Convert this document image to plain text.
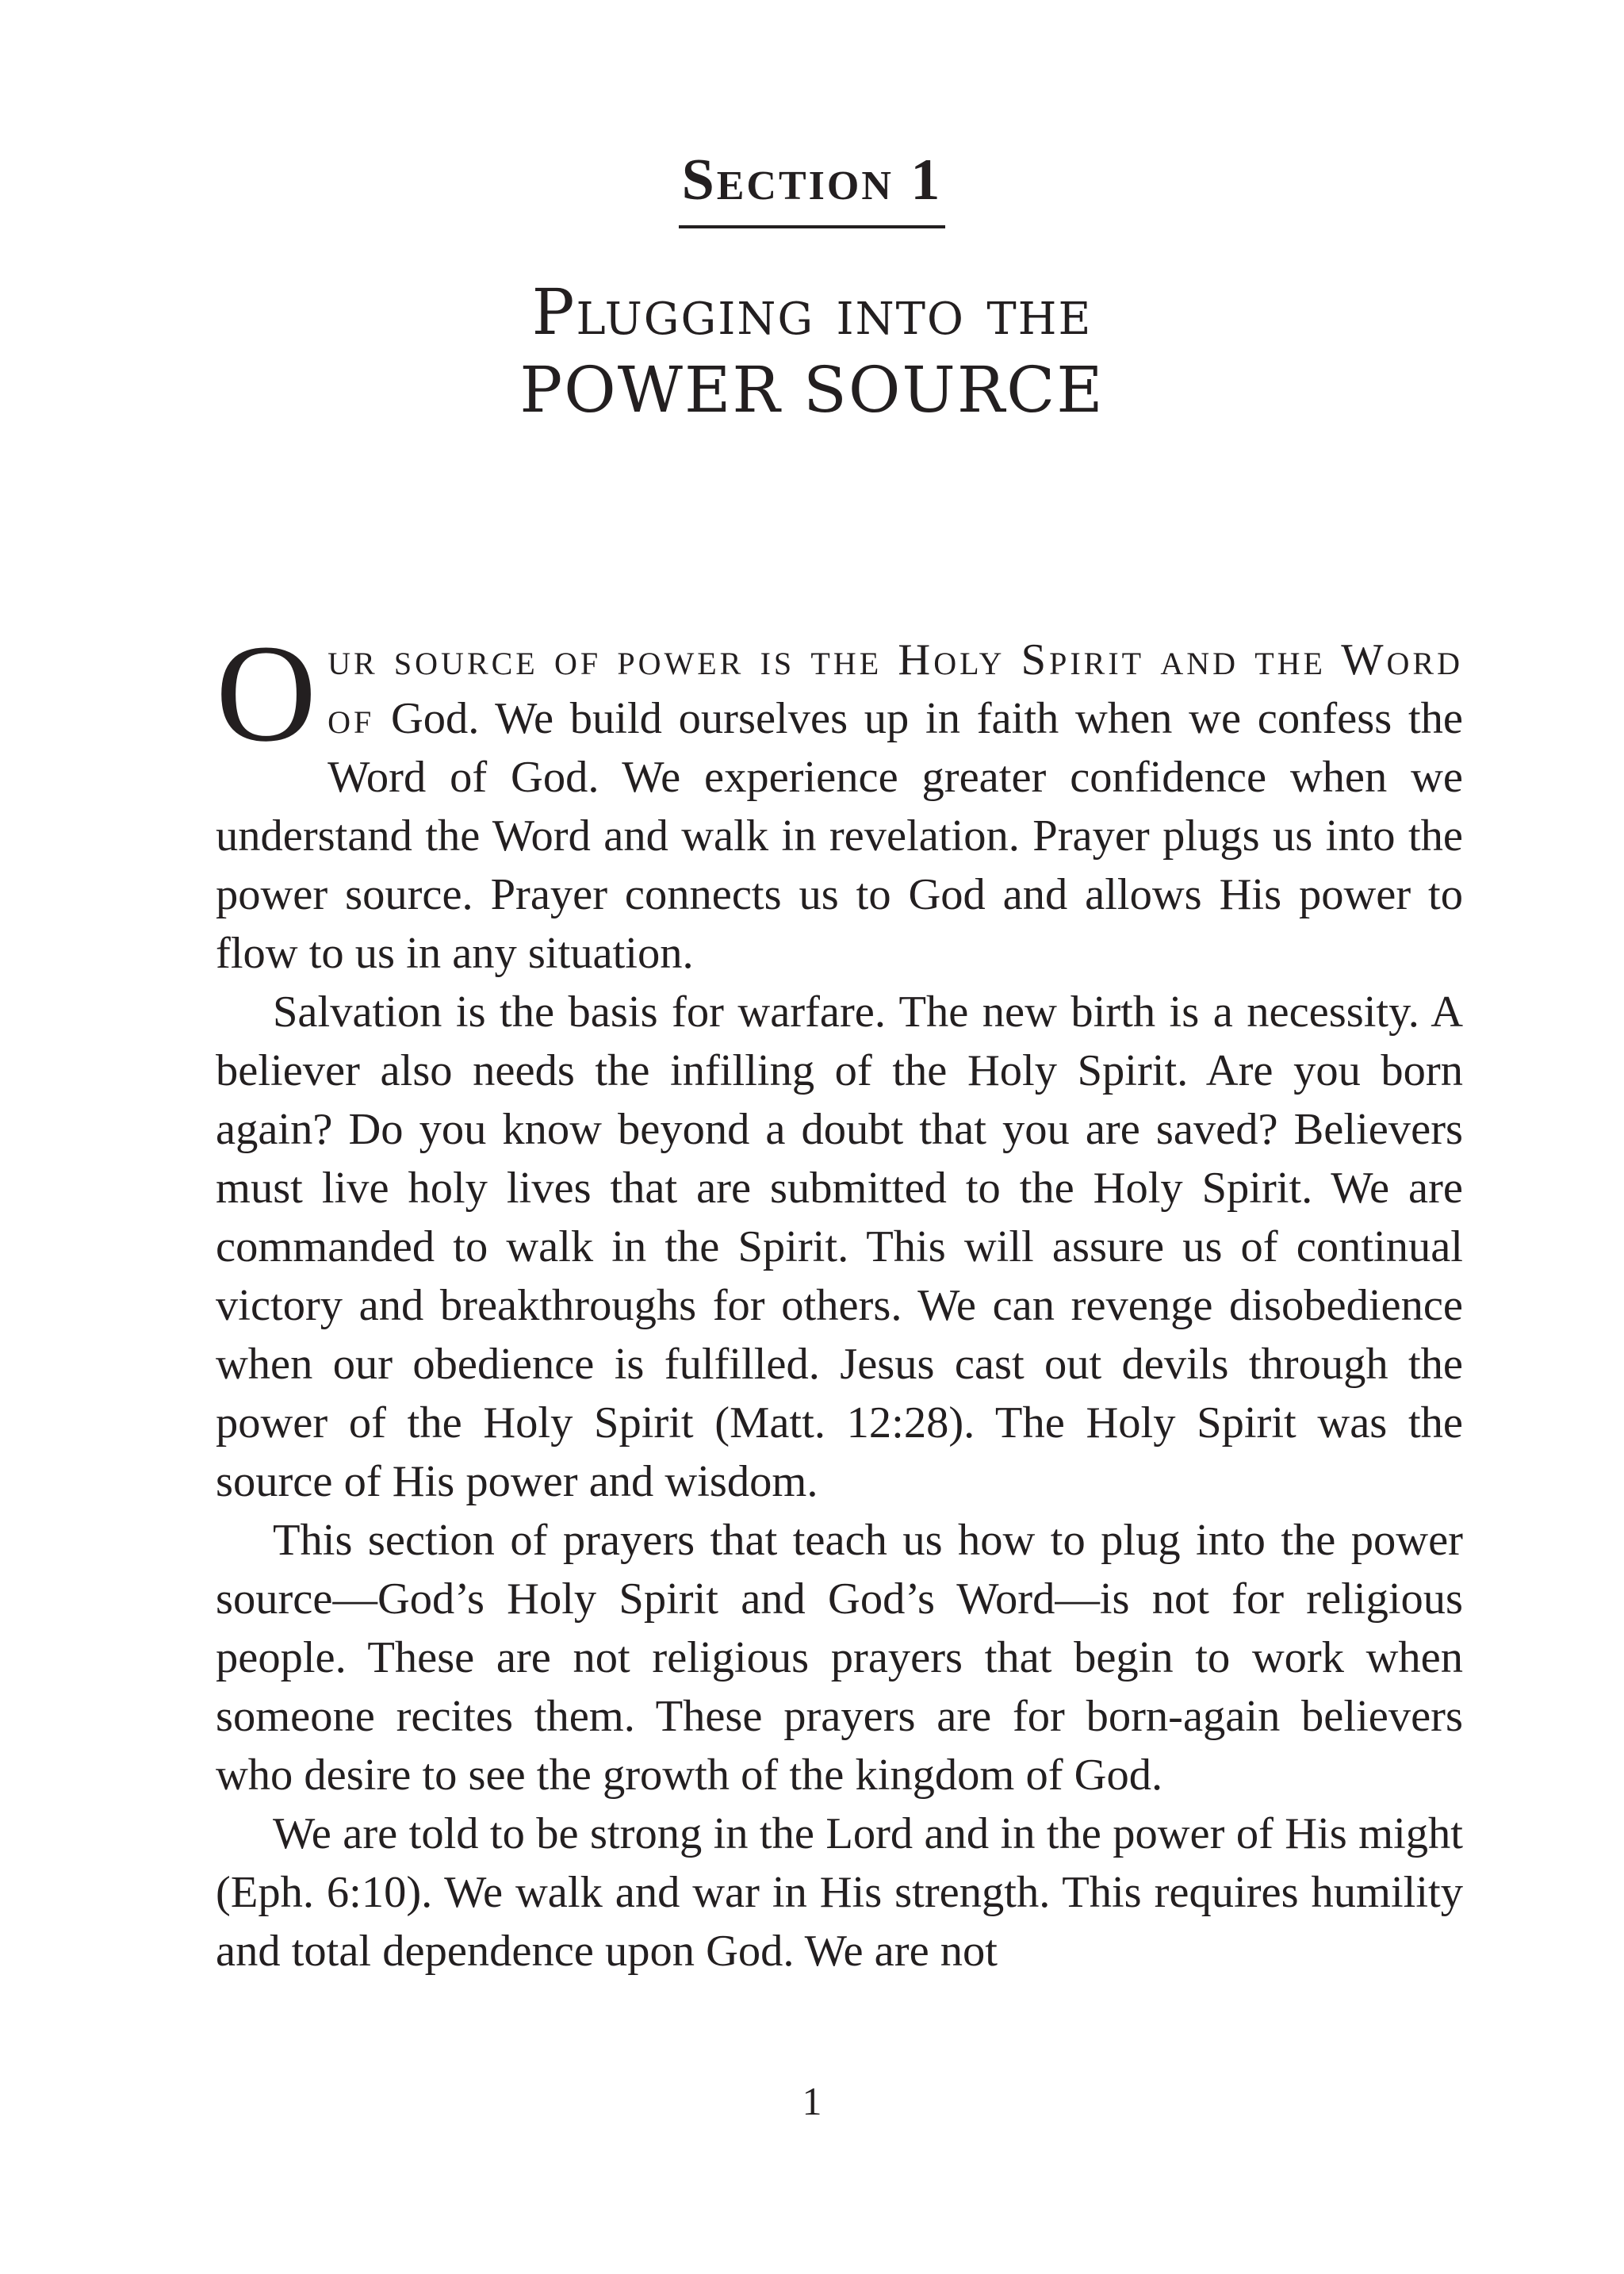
Section 1
Plugging into the
POWER SOURCE

Our source of power is the Holy Spirit and the Word of God. We build ourselves up in faith when we confess the Word of God. We experience greater confidence when we understand the Word and walk in revelation. Prayer plugs us into the power source. Prayer connects us to God and allows His power to flow to us in any situation.

Salvation is the basis for warfare. The new birth is a necessity. A believer also needs the infilling of the Holy Spirit. Are you born again? Do you know beyond a doubt that you are saved? Believers must live holy lives that are submitted to the Holy Spirit. We are commanded to walk in the Spirit. This will assure us of continual victory and breakthroughs for others. We can revenge disobedience when our obedience is fulfilled. Jesus cast out devils through the power of the Holy Spirit (Matt. 12:28). The Holy Spirit was the source of His power and wisdom.

This section of prayers that teach us how to plug into the power source—God’s Holy Spirit and God’s Word—is not for religious people. These are not religious prayers that begin to work when someone recites them. These prayers are for born-again believers who desire to see the growth of the kingdom of God.

We are told to be strong in the Lord and in the power of His might (Eph. 6:10). We walk and war in His strength. This requires humility and total dependence upon God. We are not

1
